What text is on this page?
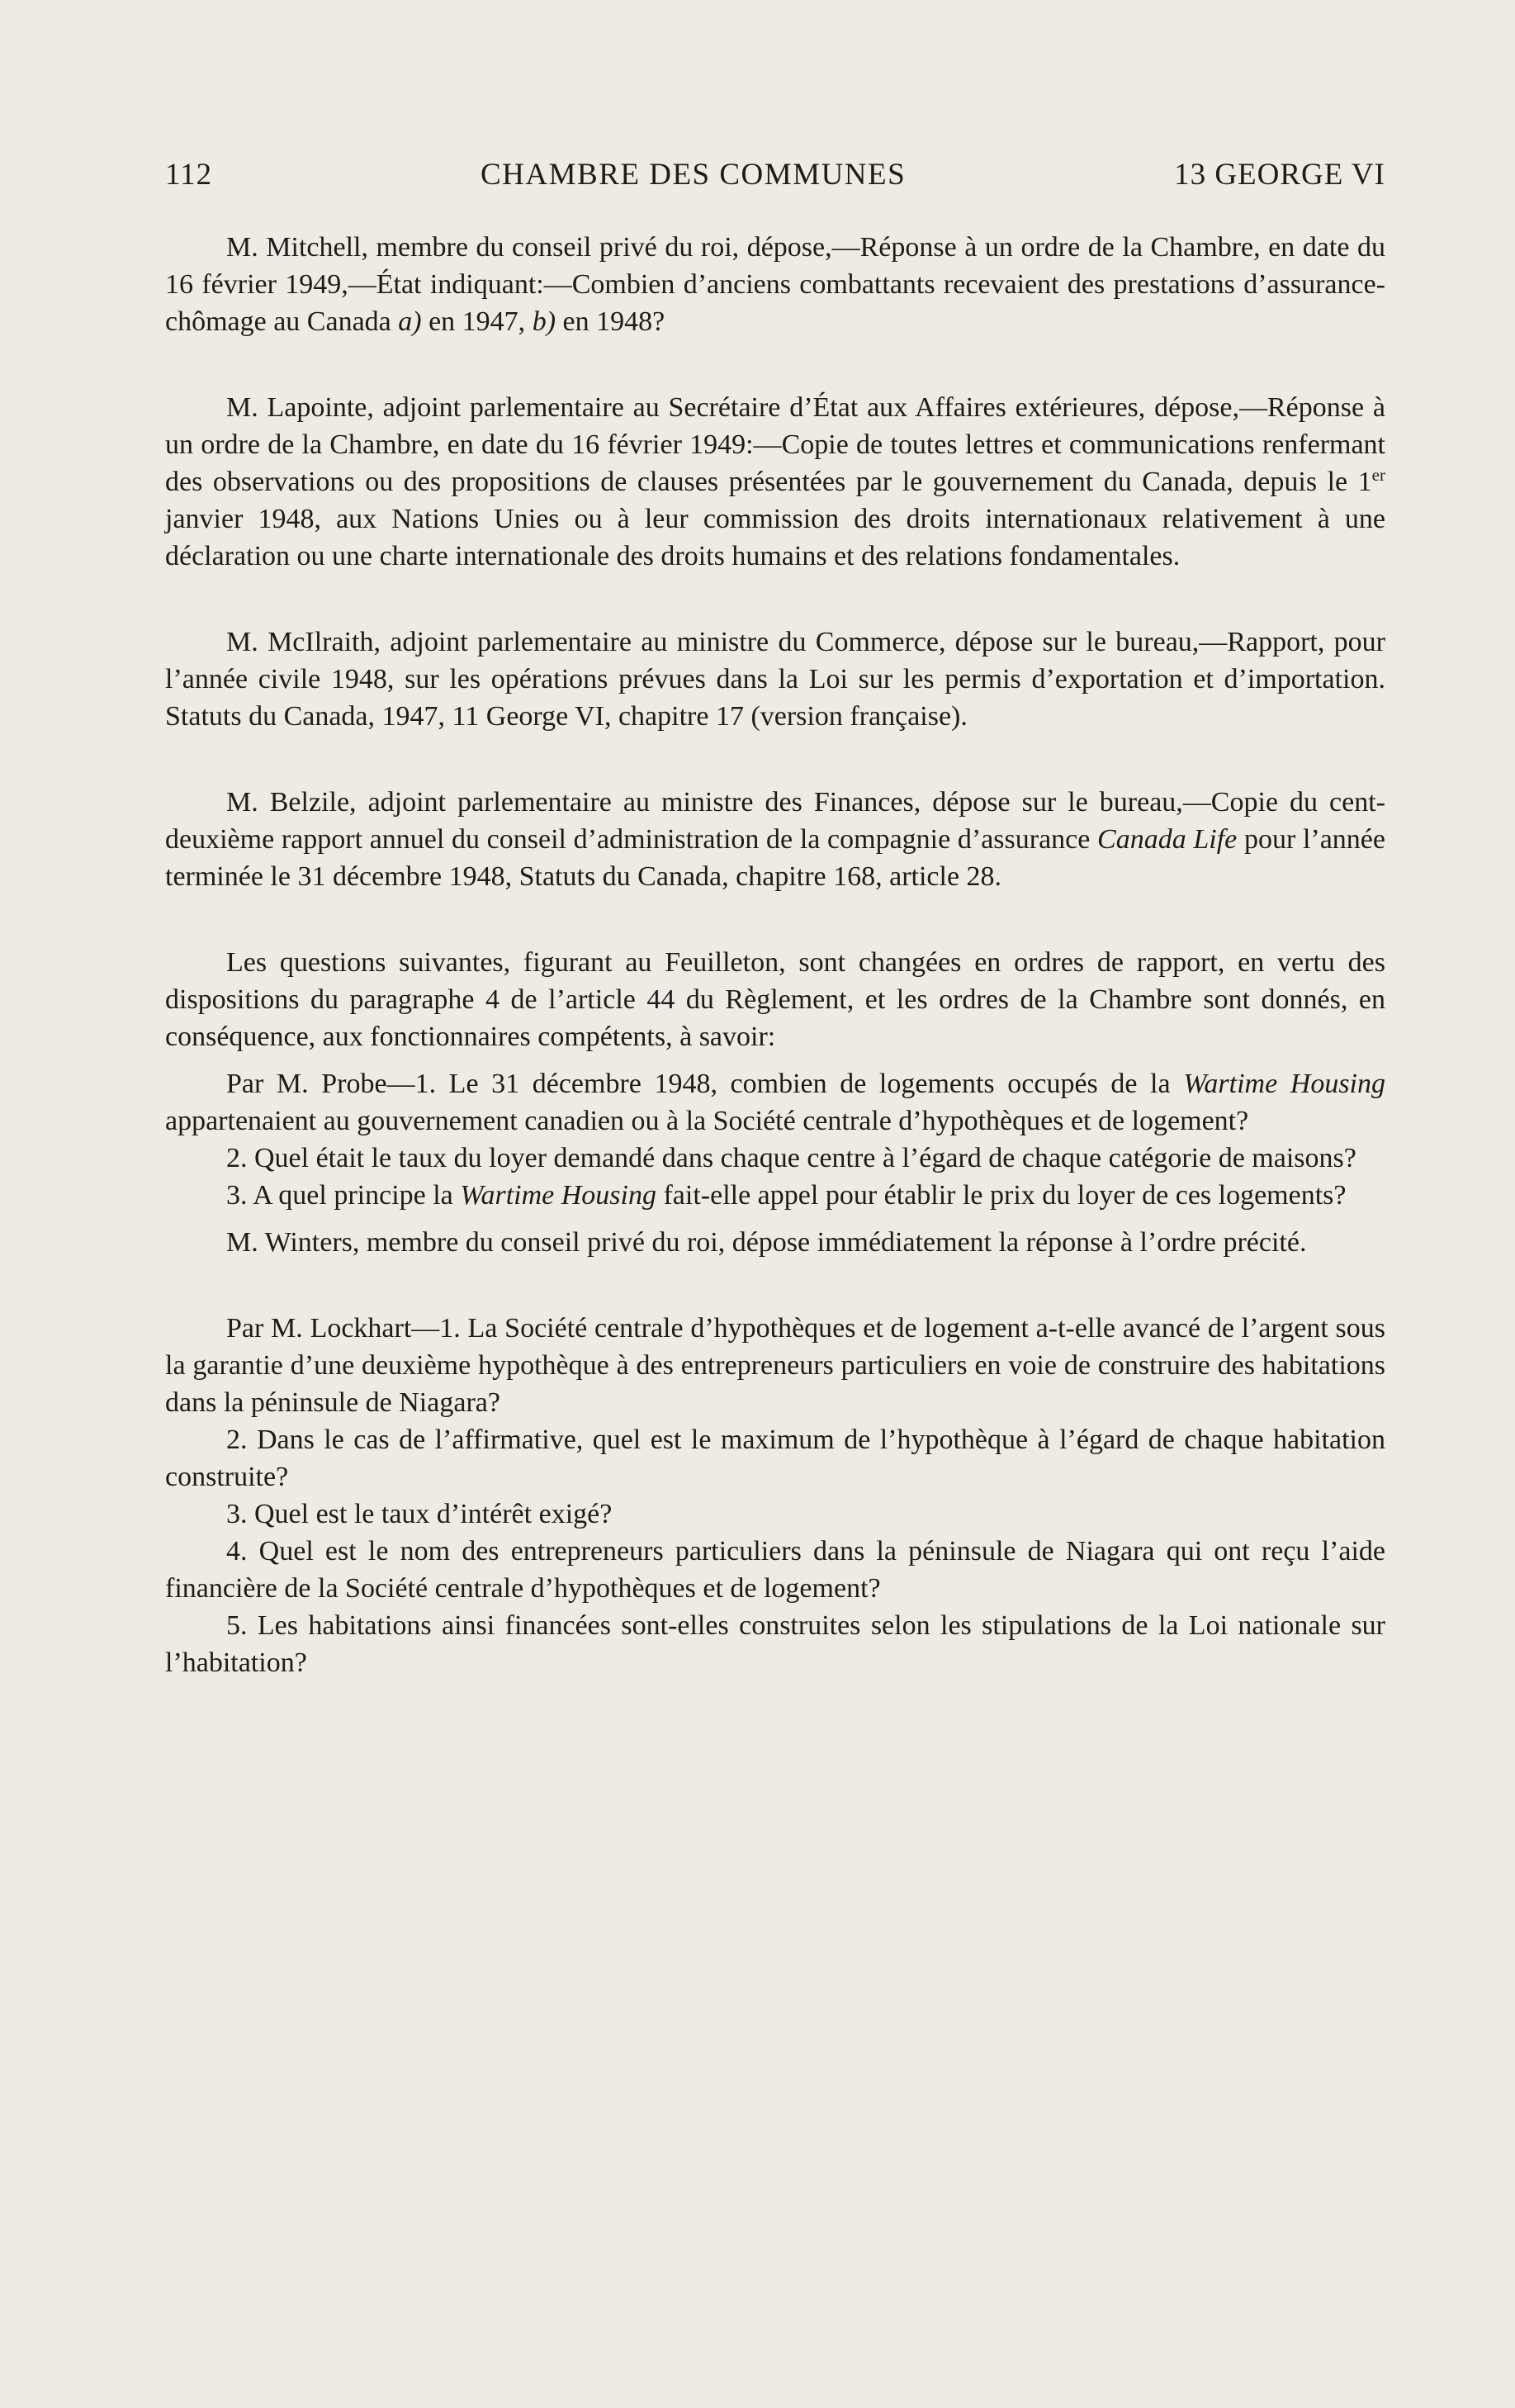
112	CHAMBRE DES COMMUNES	13 GEORGE VI

M. Mitchell, membre du conseil privé du roi, dépose,—Réponse à un ordre de la Chambre, en date du 16 février 1949,—État indiquant:—Combien d’anciens combattants recevaient des prestations d’assurance-chômage au Canada a) en 1947, b) en 1948?

M. Lapointe, adjoint parlementaire au Secrétaire d’État aux Affaires extérieures, dépose,—Réponse à un ordre de la Chambre, en date du 16 février 1949:—Copie de toutes lettres et communications renfermant des observations ou des propositions de clauses présentées par le gouvernement du Canada, depuis le 1er janvier 1948, aux Nations Unies ou à leur commission des droits internationaux relativement à une déclaration ou une charte internationale des droits humains et des relations fondamentales.

M. McIlraith, adjoint parlementaire au ministre du Commerce, dépose sur le bureau,—Rapport, pour l’année civile 1948, sur les opérations prévues dans la Loi sur les permis d’exportation et d’importation. Statuts du Canada, 1947, 11 George VI, chapitre 17 (version française).

M. Belzile, adjoint parlementaire au ministre des Finances, dépose sur le bureau,—Copie du cent-deuxième rapport annuel du conseil d’administration de la compagnie d’assurance Canada Life pour l’année terminée le 31 décembre 1948, Statuts du Canada, chapitre 168, article 28.

Les questions suivantes, figurant au Feuilleton, sont changées en ordres de rapport, en vertu des dispositions du paragraphe 4 de l’article 44 du Règlement, et les ordres de la Chambre sont donnés, en conséquence, aux fonctionnaires compétents, à savoir:

Par M. Probe—1. Le 31 décembre 1948, combien de logements occupés de la Wartime Housing appartenaient au gouvernement canadien ou à la Société centrale d’hypothèques et de logement?

2. Quel était le taux du loyer demandé dans chaque centre à l’égard de chaque catégorie de maisons?

3. A quel principe la Wartime Housing fait-elle appel pour établir le prix du loyer de ces logements?

M. Winters, membre du conseil privé du roi, dépose immédiatement la réponse à l’ordre précité.

Par M. Lockhart—1. La Société centrale d’hypothèques et de logement a-t-elle avancé de l’argent sous la garantie d’une deuxième hypothèque à des entrepreneurs particuliers en voie de construire des habitations dans la péninsule de Niagara?

2. Dans le cas de l’affirmative, quel est le maximum de l’hypothèque à l’égard de chaque habitation construite?

3. Quel est le taux d’intérêt exigé?

4. Quel est le nom des entrepreneurs particuliers dans la péninsule de Niagara qui ont reçu l’aide financière de la Société centrale d’hypothèques et de logement?

5. Les habitations ainsi financées sont-elles construites selon les stipulations de la Loi nationale sur l’habitation?
